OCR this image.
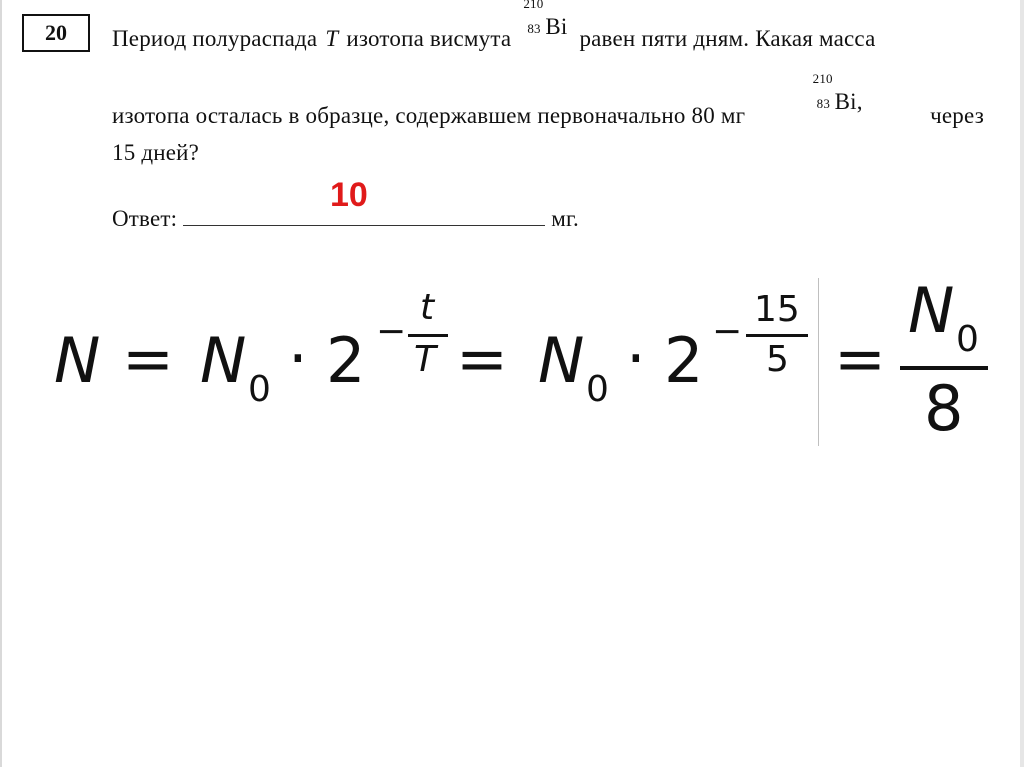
20	Период полураспада T изотопа висмута
210
83 Bi равен пяти дням. Какая масса
изотопа осталась в образце, содержавшем первоначально 80 мг
210
83 Bi,
через
15 дней?
10
Ответ:	мг.
N = N 0 · 2 −
t
T = N 0 · 2 −
15
5 =
N 0
8
